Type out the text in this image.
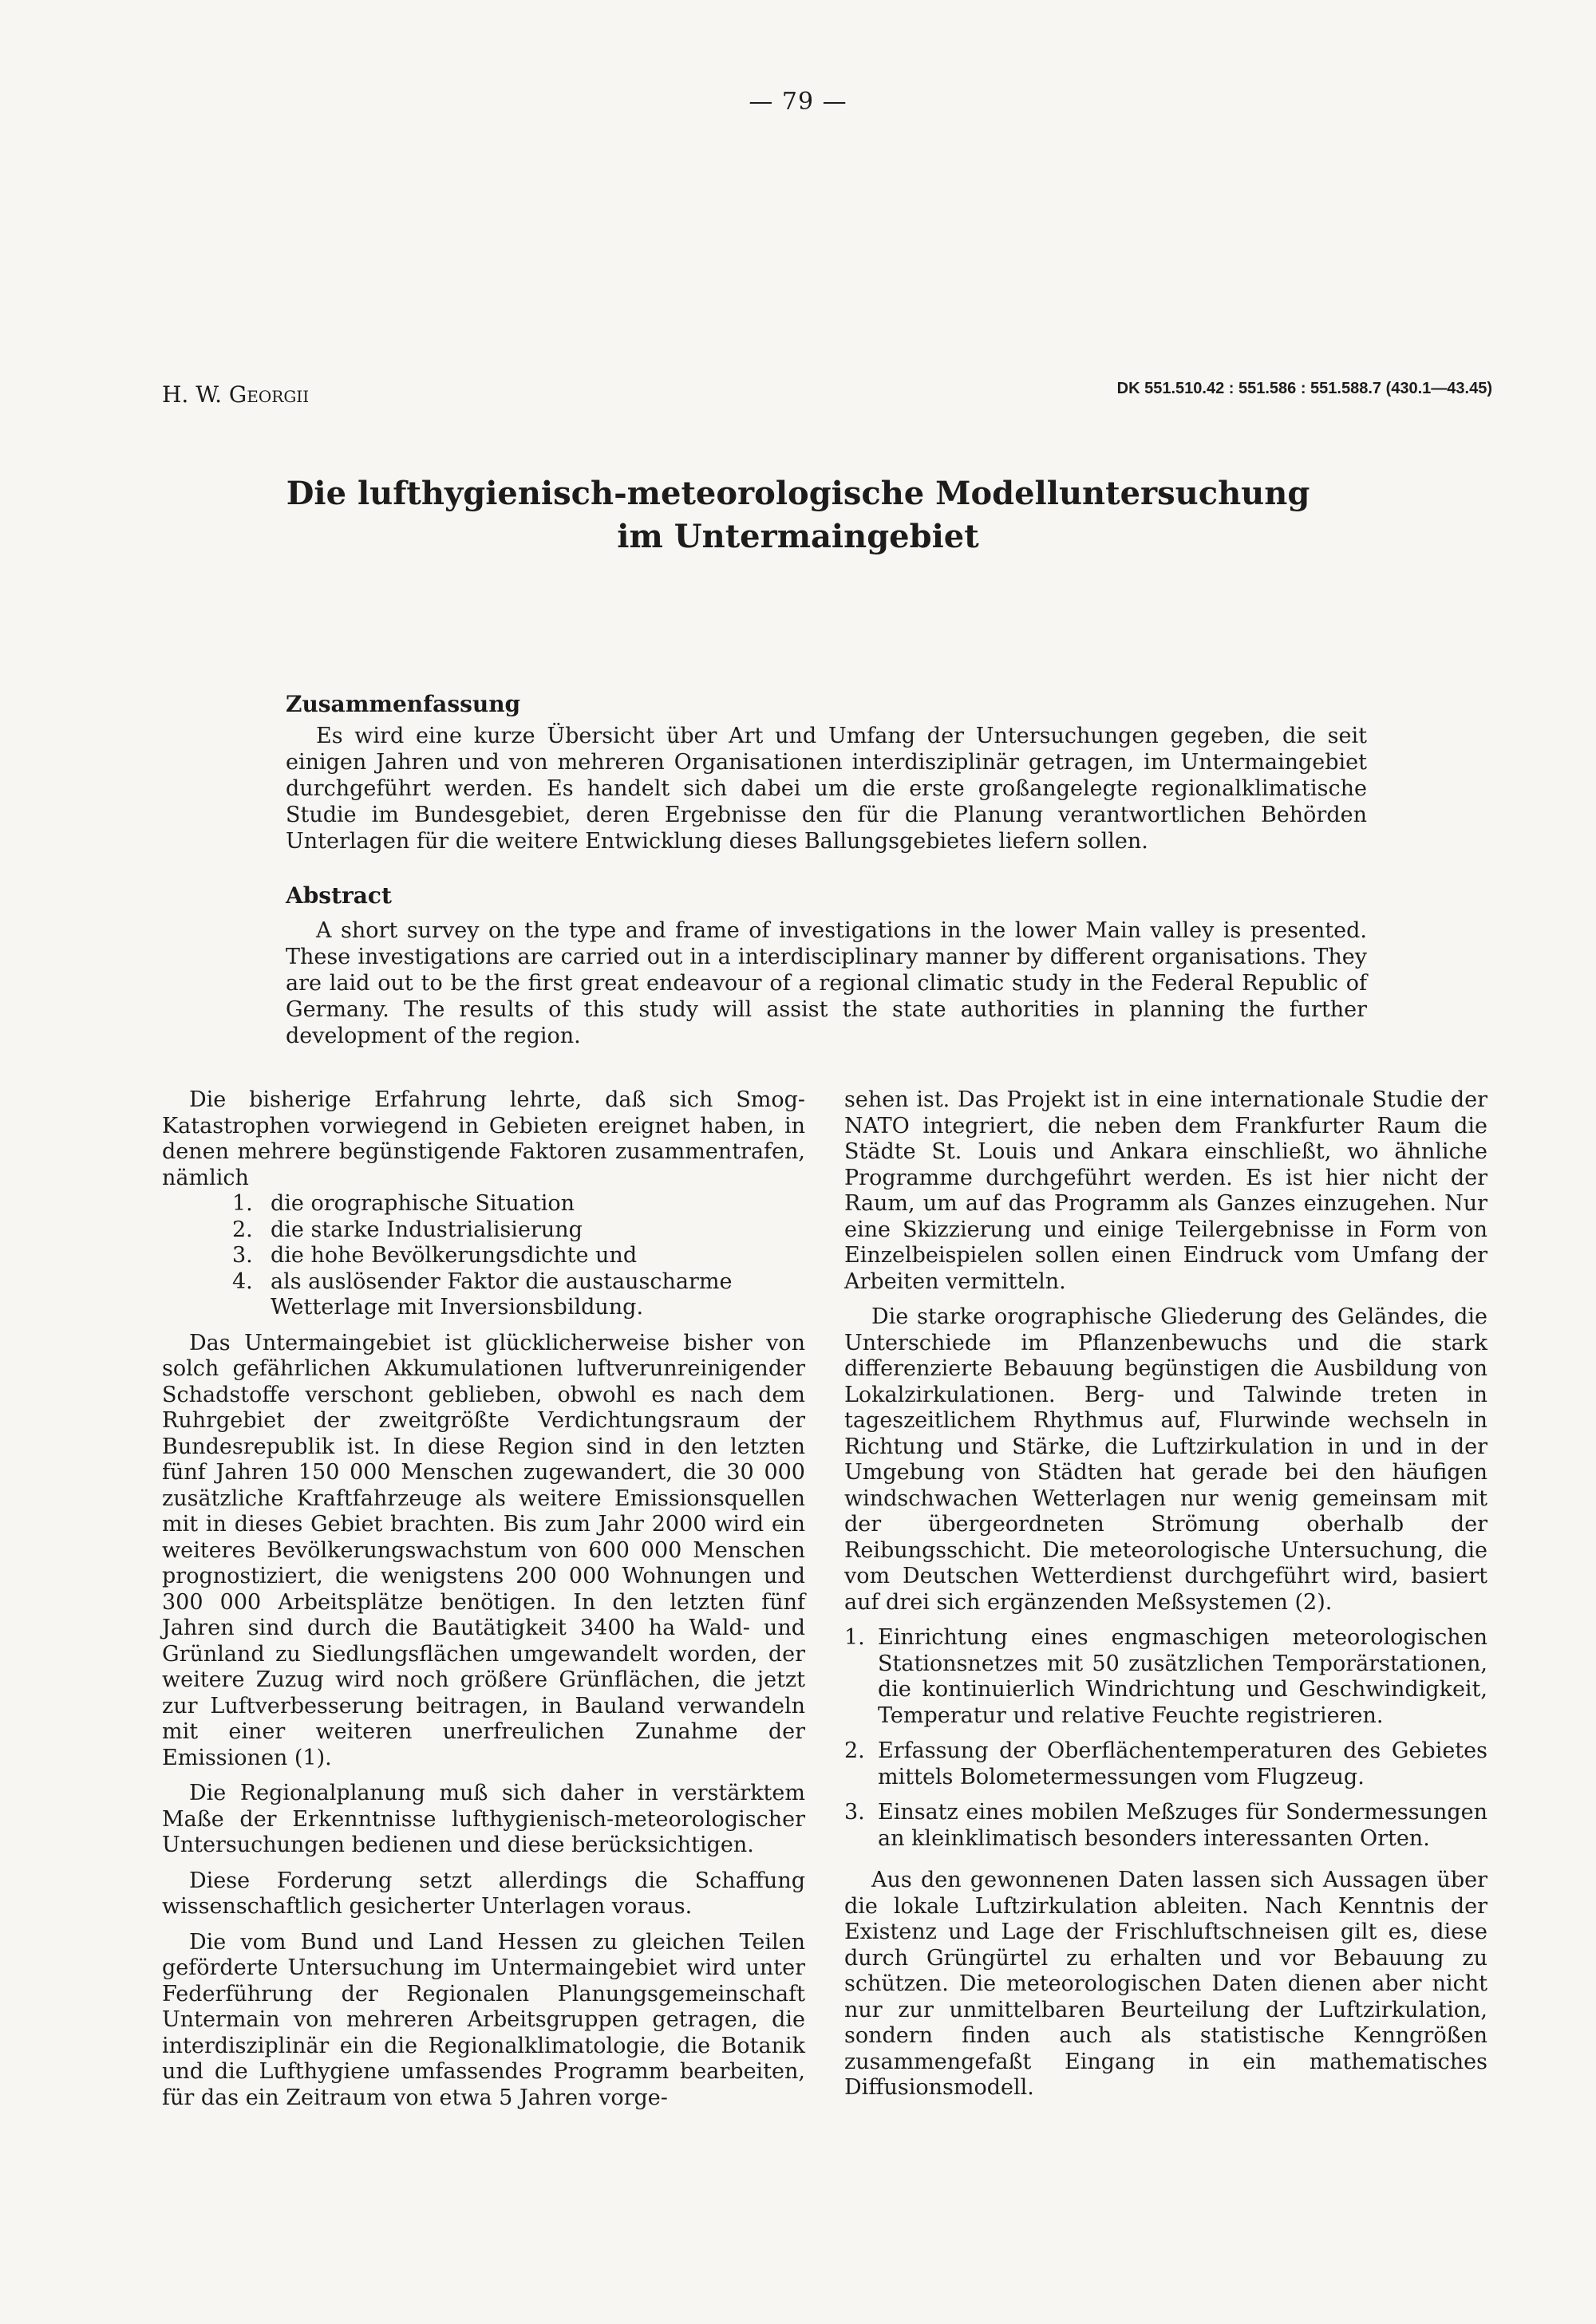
— 79 —
H. W. Georgii	DK 551.510.42 : 551.586 : 551.588.7 (430.1—43.45)
Die lufthygienisch-meteorologische Modelluntersuchung
im Untermaingebiet
Zusammenfassung

Es wird eine kurze Übersicht über Art und Umfang der Untersuchungen gegeben, die seit einigen Jahren und von mehreren Organisationen interdisziplinär getragen, im Untermaingebiet durchgeführt werden. Es handelt sich dabei um die erste großangelegte regionalklimatische Studie im Bundesgebiet, deren Ergebnisse den für die Planung verantwortlichen Behörden Unterlagen für die weitere Entwicklung dieses Ballungsgebietes liefern sollen.

Abstract

A short survey on the type and frame of investigations in the lower Main valley is presented. These investigations are carried out in a interdisciplinary manner by different organisations. They are laid out to be the first great endeavour of a regional climatic study in the Federal Republic of Germany. The results of this study will assist the state authorities in planning the further development of the region.

Die bisherige Erfahrung lehrte, daß sich Smog-Katastrophen vorwiegend in Gebieten ereignet haben, in denen mehrere begünstigende Faktoren zusammentrafen, nämlich

1. die orographische Situation
2. die starke Industrialisierung
3. die hohe Bevölkerungsdichte und
4. als auslösender Faktor die austauscharme Wetterlage mit Inversionsbildung.

Das Untermaingebiet ist glücklicherweise bisher von solch gefährlichen Akkumulationen luftverunreinigender Schadstoffe verschont geblieben, obwohl es nach dem Ruhrgebiet der zweitgrößte Verdichtungsraum der Bundesrepublik ist. In diese Region sind in den letzten fünf Jahren 150 000 Menschen zugewandert, die 30 000 zusätzliche Kraftfahrzeuge als weitere Emissionsquellen mit in dieses Gebiet brachten. Bis zum Jahr 2000 wird ein weiteres Bevölkerungswachstum von 600 000 Menschen prognostiziert, die wenigstens 200 000 Wohnungen und 300 000 Arbeitsplätze benötigen. In den letzten fünf Jahren sind durch die Bautätigkeit 3400 ha Wald- und Grünland zu Siedlungsflächen umgewandelt worden, der weitere Zuzug wird noch größere Grünflächen, die jetzt zur Luftverbesserung beitragen, in Bauland verwandeln mit einer weiteren unerfreulichen Zunahme der Emissionen (1).

Die Regionalplanung muß sich daher in verstärktem Maße der Erkenntnisse lufthygienisch-meteorologischer Untersuchungen bedienen und diese berücksichtigen.

Diese Forderung setzt allerdings die Schaffung wissenschaftlich gesicherter Unterlagen voraus.

Die vom Bund und Land Hessen zu gleichen Teilen geförderte Untersuchung im Untermaingebiet wird unter Federführung der Regionalen Planungsgemeinschaft Untermain von mehreren Arbeitsgruppen getragen, die interdisziplinär ein die Regionalklimatologie, die Botanik und die Lufthygiene umfassendes Programm bearbeiten, für das ein Zeitraum von etwa 5 Jahren vorge-

sehen ist. Das Projekt ist in eine internationale Studie der NATO integriert, die neben dem Frankfurter Raum die Städte St. Louis und Ankara einschließt, wo ähnliche Programme durchgeführt werden. Es ist hier nicht der Raum, um auf das Programm als Ganzes einzugehen. Nur eine Skizzierung und einige Teilergebnisse in Form von Einzelbeispielen sollen einen Eindruck vom Umfang der Arbeiten vermitteln.

Die starke orographische Gliederung des Geländes, die Unterschiede im Pflanzenbewuchs und die stark differenzierte Bebauung begünstigen die Ausbildung von Lokalzirkulationen. Berg- und Talwinde treten in tageszeitlichem Rhythmus auf, Flurwinde wechseln in Richtung und Stärke, die Luftzirkulation in und in der Umgebung von Städten hat gerade bei den häufigen windschwachen Wetterlagen nur wenig gemeinsam mit der übergeordneten Strömung oberhalb der Reibungsschicht. Die meteorologische Untersuchung, die vom Deutschen Wetterdienst durchgeführt wird, basiert auf drei sich ergänzenden Meßsystemen (2).

1. Einrichtung eines engmaschigen meteorologischen Stationsnetzes mit 50 zusätzlichen Temporärstationen, die kontinuierlich Windrichtung und Geschwindigkeit, Temperatur und relative Feuchte registrieren.
2. Erfassung der Oberflächentemperaturen des Gebietes mittels Bolometermessungen vom Flugzeug.
3. Einsatz eines mobilen Meßzuges für Sondermessungen an kleinklimatisch besonders interessanten Orten.

Aus den gewonnenen Daten lassen sich Aussagen über die lokale Luftzirkulation ableiten. Nach Kenntnis der Existenz und Lage der Frischluftschneisen gilt es, diese durch Grüngürtel zu erhalten und vor Bebauung zu schützen. Die meteorologischen Daten dienen aber nicht nur zur unmittelbaren Beurteilung der Luftzirkulation, sondern finden auch als statistische Kenngrößen zusammengefaßt Eingang in ein mathematisches Diffusionsmodell.
